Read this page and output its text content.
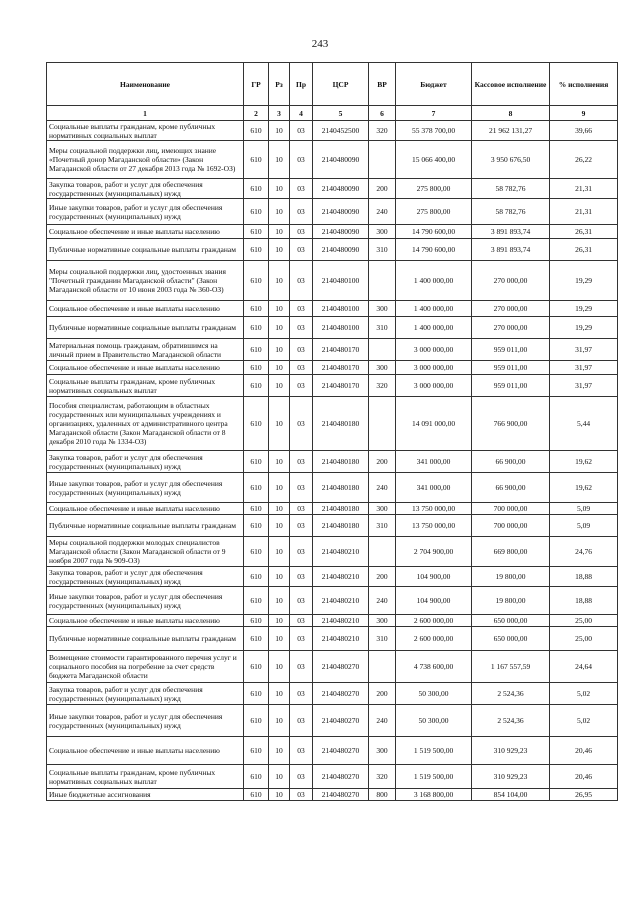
243
Наименование	ГР	Рз	Пр	ЦСР	ВР	Бюджет	Кассовое исполнение	% исполнения
1	2	3	4	5	6	7	8	9
Социальные выплаты гражданам, кроме публичных нормативных социальных выплат	610	10	03	2140452500	320	55 378 700,00	21 962 131,27	39,66
Меры социальной поддержки лиц, имеющих знание «Почетный донор Магаданской области» (Закон Магаданской области от 27 декабря 2013 года № 1692-ОЗ)	610	10	03	2140480090		15 066 400,00	3 950 676,50	26,22
Закупка товаров, работ и услуг для обеспечения государственных (муниципальных) нужд	610	10	03	2140480090	200	275 800,00	58 782,76	21,31
Иные закупки товаров, работ и услуг для обеспечения государственных (муниципальных) нужд	610	10	03	2140480090	240	275 800,00	58 782,76	21,31
Социальное обеспечение и иные выплаты населению	610	10	03	2140480090	300	14 790 600,00	3 891 893,74	26,31
Публичные нормативные социальные выплаты гражданам	610	10	03	2140480090	310	14 790 600,00	3 891 893,74	26,31
Меры социальной поддержки лиц, удостоенных звания "Почетный гражданин Магаданской области" (Закон Магаданской области от 10 июня 2003 года № 360-ОЗ)	610	10	03	2140480100		1 400 000,00	270 000,00	19,29
Социальное обеспечение и иные выплаты населению	610	10	03	2140480100	300	1 400 000,00	270 000,00	19,29
Публичные нормативные социальные выплаты гражданам	610	10	03	2140480100	310	1 400 000,00	270 000,00	19,29
Материальная помощь гражданам, обратившимся на личный прием в Правительство Магаданской области	610	10	03	2140480170		3 000 000,00	959 011,00	31,97
Социальное обеспечение и иные выплаты населению	610	10	03	2140480170	300	3 000 000,00	959 011,00	31,97
Социальные выплаты гражданам, кроме публичных нормативных социальных выплат	610	10	03	2140480170	320	3 000 000,00	959 011,00	31,97
Пособия специалистам, работающим в областных государственных или муниципальных учреждениях и организациях, удаленных от административного центра Магаданской области (Закон Магаданской области от 8 декабря 2010 года № 1334-ОЗ)	610	10	03	2140480180		14 091 000,00	766 900,00	5,44
Закупка товаров, работ и услуг для обеспечения государственных (муниципальных) нужд	610	10	03	2140480180	200	341 000,00	66 900,00	19,62
Иные закупки товаров, работ и услуг для обеспечения государственных (муниципальных) нужд	610	10	03	2140480180	240	341 000,00	66 900,00	19,62
Социальное обеспечение и иные выплаты населению	610	10	03	2140480180	300	13 750 000,00	700 000,00	5,09
Публичные нормативные социальные выплаты гражданам	610	10	03	2140480180	310	13 750 000,00	700 000,00	5,09
Меры социальной поддержки молодых специалистов Магаданской области (Закон Магаданской области от 9 ноября 2007 года № 909-ОЗ)	610	10	03	2140480210		2 704 900,00	669 800,00	24,76
Закупка товаров, работ и услуг для обеспечения государственных (муниципальных) нужд	610	10	03	2140480210	200	104 900,00	19 800,00	18,88
Иные закупки товаров, работ и услуг для обеспечения государственных (муниципальных) нужд	610	10	03	2140480210	240	104 900,00	19 800,00	18,88
Социальное обеспечение и иные выплаты населению	610	10	03	2140480210	300	2 600 000,00	650 000,00	25,00
Публичные нормативные социальные выплаты гражданам	610	10	03	2140480210	310	2 600 000,00	650 000,00	25,00
Возмещение стоимости гарантированного перечня услуг и социального пособия на погребение за счет средств бюджета Магаданской области	610	10	03	2140480270		4 738 600,00	1 167 557,59	24,64
Закупка товаров, работ и услуг для обеспечения государственных (муниципальных) нужд	610	10	03	2140480270	200	50 300,00	2 524,36	5,02
Иные закупки товаров, работ и услуг для обеспечения государственных (муниципальных) нужд	610	10	03	2140480270	240	50 300,00	2 524,36	5,02
Социальное обеспечение и иные выплаты населению	610	10	03	2140480270	300	1 519 500,00	310 929,23	20,46
Социальные выплаты гражданам, кроме публичных нормативных социальных выплат	610	10	03	2140480270	320	1 519 500,00	310 929,23	20,46
Иные бюджетные ассигнования	610	10	03	2140480270	800	3 168 800,00	854 104,00	26,95
